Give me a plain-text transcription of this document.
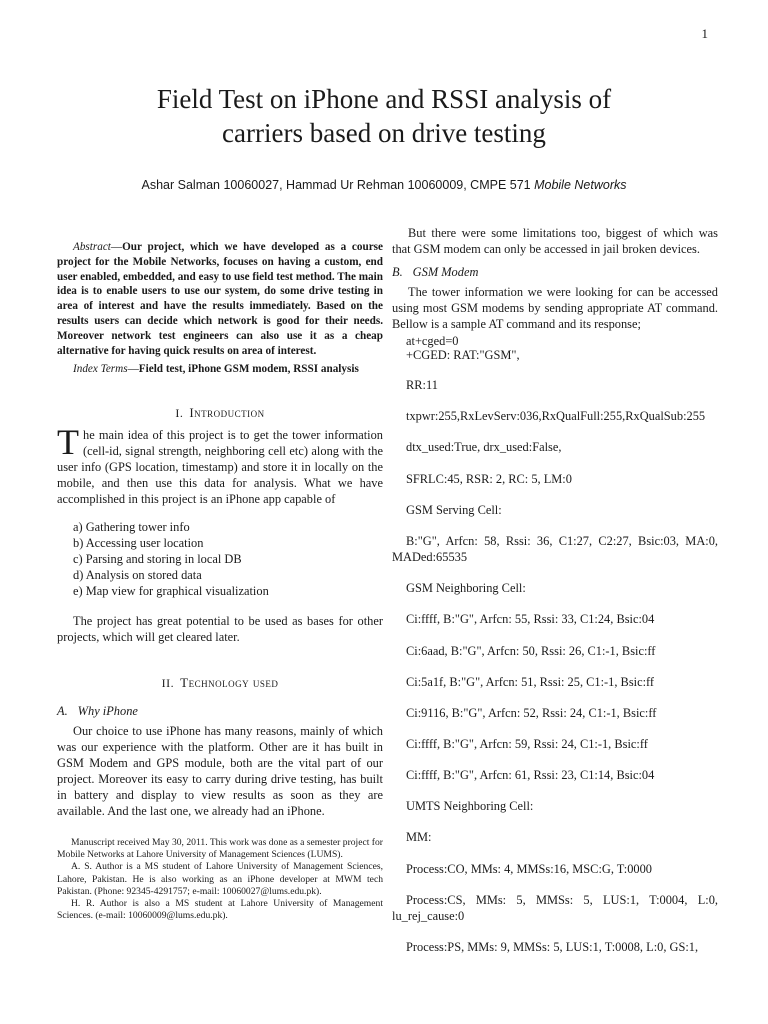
1
Field Test on iPhone and RSSI analysis of
carriers based on drive testing
Ashar Salman 10060027, Hammad Ur Rehman 10060009, CMPE 571 Mobile Networks
Abstract—Our project, which we have developed as a course project for the Mobile Networks, focuses on having a custom, end user enabled, embedded, and easy to use field test method. The main idea is to enable users to use our system, do some drive testing in area of interest and have the results immediately. Based on the results users can decide which network is good for their needs. Moreover network test engineers can also use it as a cheap alternative for having quick results on area of interest.
Index Terms—Field test, iPhone GSM modem, RSSI analysis
I. Introduction
The main idea of this project is to get the tower information (cell-id, signal strength, neighboring cell etc) along with the user info (GPS location, timestamp) and store it in locally on the mobile, and then use this data for analysis. What we have accomplished in this project is an iPhone app capable of
a) Gathering tower info
b) Accessing user location
c) Parsing and storing in local DB
d) Analysis on stored data
e) Map view for graphical visualization
The project has great potential to be used as bases for other projects, which will get cleared later.
II. Technology used
A. Why iPhone
Our choice to use iPhone has many reasons, mainly of which was our experience with the platform. Other are it has built in GSM Modem and GPS module, both are the vital part of our project. Moreover its easy to carry during drive testing, has built in battery and display to view results as soon as they are available. And the last one, we already had an iPhone.

Manuscript received May 30, 2011. This work was done as a semester project for Mobile Networks at Lahore University of Management Sciences (LUMS).

A. S. Author is a MS student of Lahore University of Management Sciences, Lahore, Pakistan. He is also working as an iPhone developer at MWM tech Pakistan. (Phone: 92345-4291757; e-mail: 10060027@lums.edu.pk).

H. R. Author is also a MS student at Lahore University of Management Sciences. (e-mail: 10060009@lums.edu.pk).

But there were some limitations too, biggest of which was that GSM modem can only be accessed in jail broken devices.
B. GSM Modem
The tower information we were looking for can be accessed using most GSM modems by sending appropriate AT command. Bellow is a sample AT command and its response;
at+cged=0
+CGED: RAT:"GSM",
RR:11
txpwr:255,RxLevServ:036,RxQualFull:255,RxQualSub:255
dtx_used:True, drx_used:False,
SFRLC:45, RSR: 2, RC: 5, LM:0
GSM Serving Cell:
B:"G", Arfcn: 58, Rssi: 36, C1:27, C2:27, Bsic:03, MA:0, MADed:65535
GSM Neighboring Cell:
Ci:ffff, B:"G", Arfcn: 55, Rssi: 33, C1:24, Bsic:04
Ci:6aad, B:"G", Arfcn: 50, Rssi: 26, C1:-1, Bsic:ff
Ci:5a1f, B:"G", Arfcn: 51, Rssi: 25, C1:-1, Bsic:ff
Ci:9116, B:"G", Arfcn: 52, Rssi: 24, C1:-1, Bsic:ff
Ci:ffff, B:"G", Arfcn: 59, Rssi: 24, C1:-1, Bsic:ff
Ci:ffff, B:"G", Arfcn: 61, Rssi: 23, C1:14, Bsic:04
UMTS Neighboring Cell:
MM:
Process:CO, MMs: 4, MMSs:16, MSC:G, T:0000
Process:CS, MMs: 5, MMSs: 5, LUS:1, T:0004, L:0, lu_rej_cause:0
Process:PS, MMs: 9, MMSs: 5, LUS:1, T:0008, L:0, GS:1,
